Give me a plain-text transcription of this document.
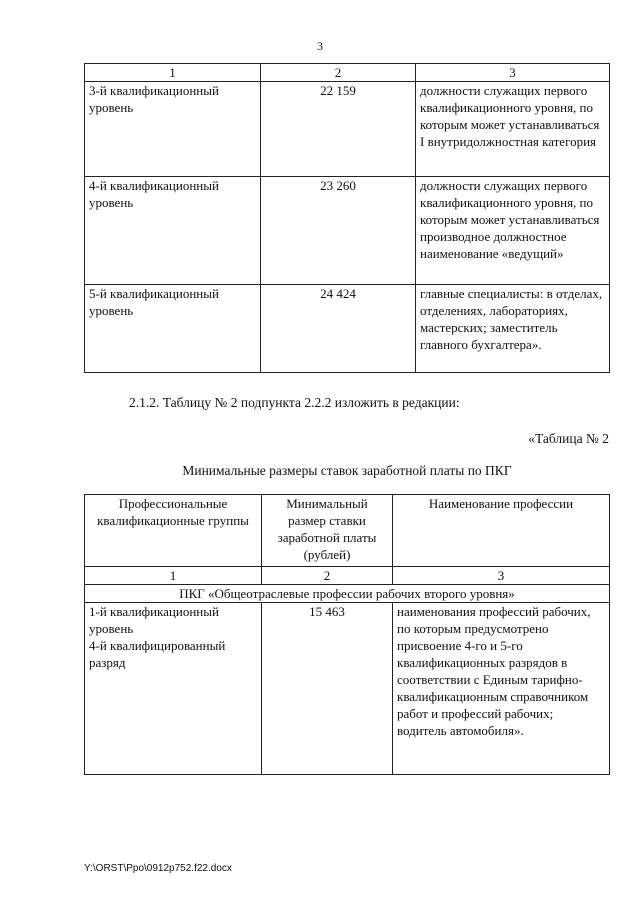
3
1	2	3
3-й квалификационный уровень	22 159	должности служащих первого квалификационного уровня, по которым может устанавливаться I внутридолжностная категория
4-й квалификационный уровень	23 260	должности служащих первого квалификационного уровня, по которым может устанавливаться производное должностное наименование «ведущий»
5-й квалификационный уровень	24 424	главные специалисты: в отделах, отделениях, лабораториях, мастерских; заместитель главного бухгалтера».
2.1.2. Таблицу № 2 подпункта 2.2.2 изложить в редакции:
«Таблица № 2
Минимальные размеры ставок заработной платы по ПКГ
Профессиональные квалификационные группы	Минимальный размер ставки заработной платы (рублей)	Наименование профессии
1	2	3
ПКГ «Общеотраслевые профессии рабочих второго уровня»		

1-й квалификационный уровень
4-й квалифицированный разряд	15 463	наименования профессий рабочих, по которым предусмотрено присвоение 4-го и 5-го квалификационных разрядов в соответствии с Единым тарифно-квалификационным справочником работ и профессий рабочих; водитель автомобиля».
Y:\ORST\Ppo\0912p752.f22.docx
